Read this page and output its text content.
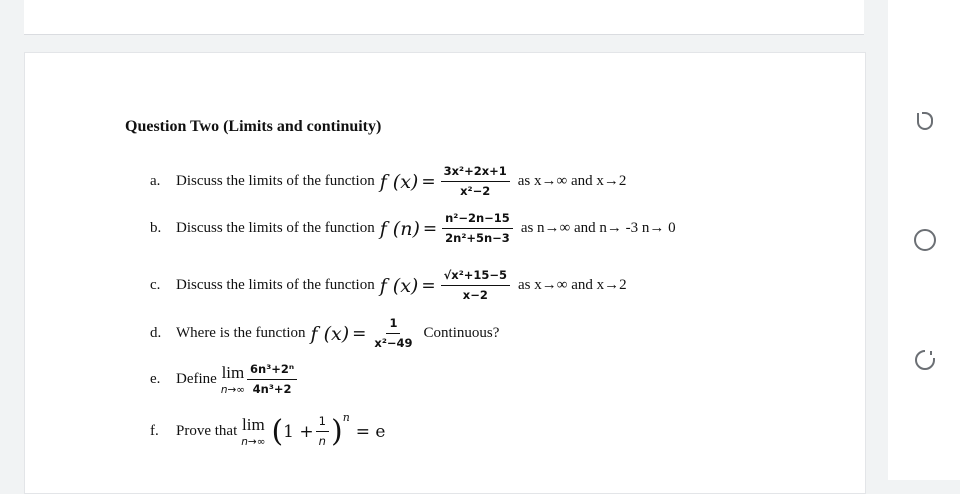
Question Two (Limits and continuity)
a.	Discuss the limits of the function f $(x) = \frac{\text{3x²+2x+1}}{\text{x²−2}}$ as x→∞ and x→2
b. Discuss the limits of the function f $(n) = \frac{\text{n²−2n−15}}{\text{2n²+5n−3}}$ as n→∞ and n→ -3 n→ 0
c.	Discuss the limits of the function f $(x) = \frac{\text{√x²+15−5}}{x-2}$ as x→∞ and x→2
d. Where is the function f $(x) = \frac{1}{\text{x²−49}}$ Continuous?
e.	Define lim
$n\to\infty \frac{\text{6n³+2ⁿ}}{\text{4n³+2}}$
f.	Prove that lim
n→∞ ( $1 + \frac{1}{n}$ ) n
= e
